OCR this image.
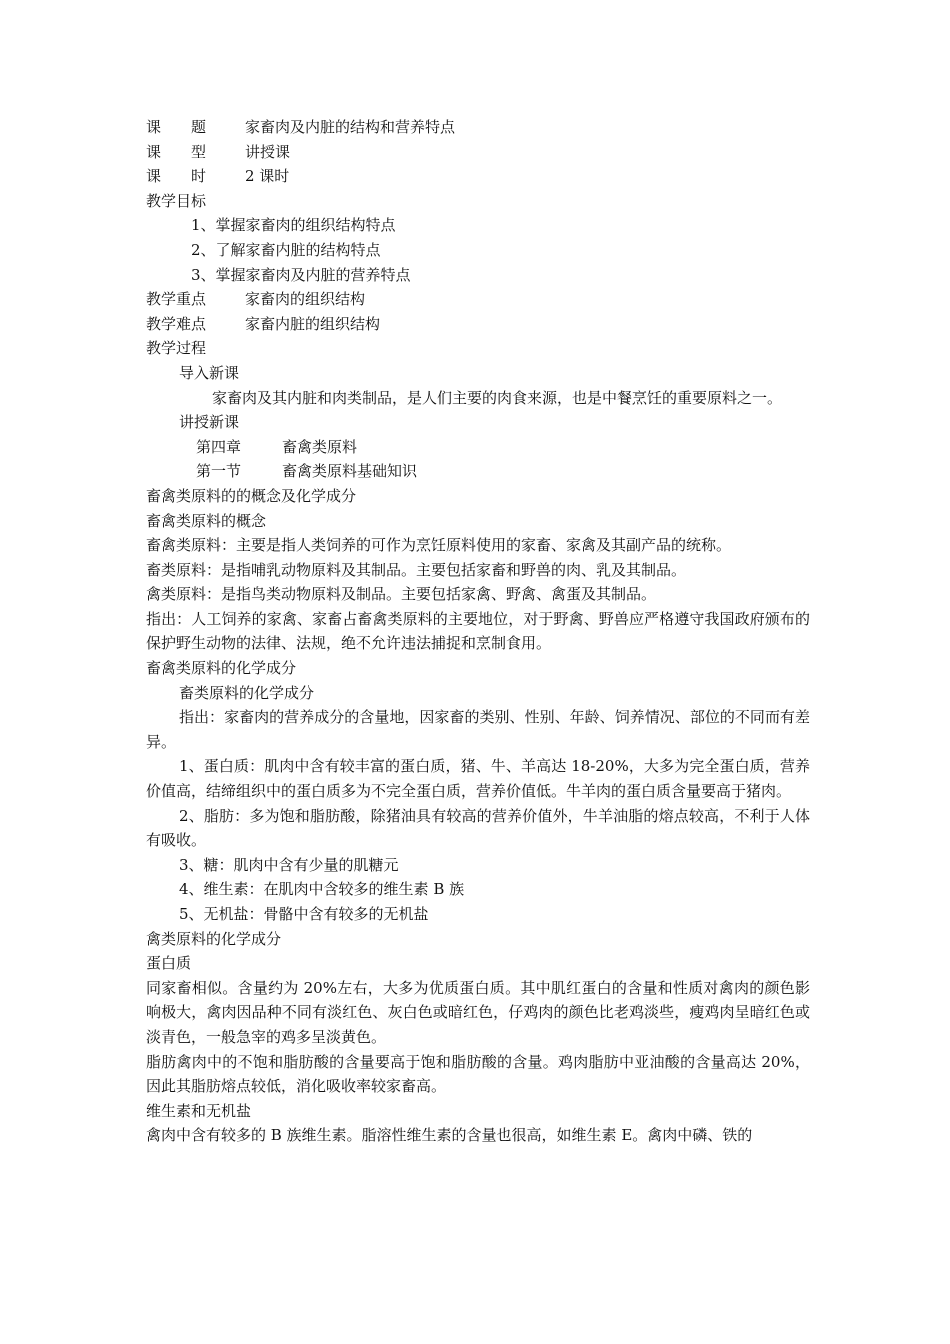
课　　题	家畜肉及内脏的结构和营养特点
课　　型	讲授课
课　　时	2 课时
教学目标
1、掌握家畜肉的组织结构特点
2、了解家畜内脏的结构特点
3、掌握家畜肉及内脏的营养特点
教学重点	家畜肉的组织结构
教学难点	家畜内脏的组织结构
教学过程
导入新课
家畜肉及其内脏和肉类制品，是人们主要的肉食来源，也是中餐烹饪的重要原料之一。
讲授新课
第四章	畜禽类原料
第一节	畜禽类原料基础知识
畜禽类原料的的概念及化学成分
畜禽类原料的概念
畜禽类原料：主要是指人类饲养的可作为烹饪原料使用的家畜、家禽及其副产品的统称。
畜类原料：是指哺乳动物原料及其制品。主要包括家畜和野兽的肉、乳及其制品。
禽类原料：是指鸟类动物原料及制品。主要包括家禽、野禽、禽蛋及其制品。
指出：人工饲养的家禽、家畜占畜禽类原料的主要地位，对于野禽、野兽应严格遵守我国政府颁布的保护野生动物的法律、法规，绝不允许违法捕捉和烹制食用。
畜禽类原料的化学成分
畜类原料的化学成分
指出：家畜肉的营养成分的含量地，因家畜的类别、性别、年龄、饲养情况、部位的不同而有差异。
1、蛋白质：肌肉中含有较丰富的蛋白质，猪、牛、羊高达 18-20%，大多为完全蛋白质，营养价值高，结缔组织中的蛋白质多为不完全蛋白质，营养价值低。牛羊肉的蛋白质含量要高于猪肉。
2、脂肪：多为饱和脂肪酸，除猪油具有较高的营养价值外，牛羊油脂的熔点较高，不利于人体有吸收。
3、糖：肌肉中含有少量的肌糖元
4、维生素：在肌肉中含较多的维生素 B 族
5、无机盐：骨骼中含有较多的无机盐
禽类原料的化学成分
蛋白质
同家畜相似。含量约为 20%左右，大多为优质蛋白质。其中肌红蛋白的含量和性质对禽肉的颜色影响极大，禽肉因品种不同有淡红色、灰白色或暗红色，仔鸡肉的颜色比老鸡淡些，瘦鸡肉呈暗红色或淡青色，一般急宰的鸡多呈淡黄色。
脂肪禽肉中的不饱和脂肪酸的含量要高于饱和脂肪酸的含量。鸡肉脂肪中亚油酸的含量高达 20%，因此其脂肪熔点较低，消化吸收率较家畜高。
维生素和无机盐
禽肉中含有较多的 B 族维生素。脂溶性维生素的含量也很高，如维生素 E。禽肉中磷、铁的
